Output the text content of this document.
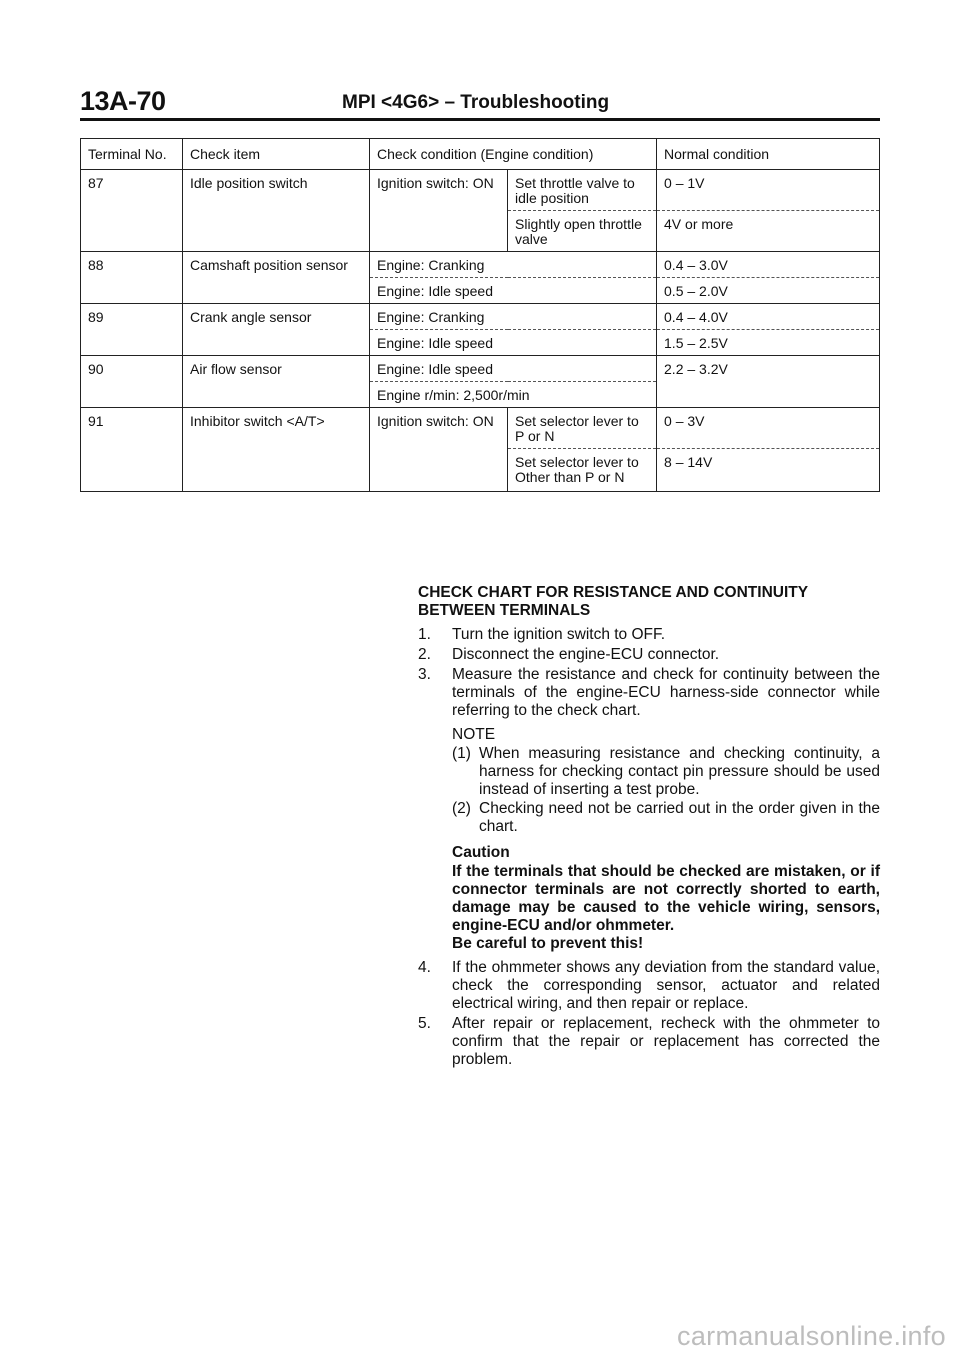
13A-70	MPI <4G6> – Troubleshooting
Terminal No.	Check item	Check condition (Engine condition)		Normal condition
87	Idle position switch	Ignition switch: ON	Set throttle valve to idle position	0 – 1V
			Slightly open throttle valve	4V or more
88	Camshaft position sensor	Engine: Cranking		0.4 – 3.0V
		Engine: Idle speed		0.5 – 2.0V
89	Crank angle sensor	Engine: Cranking		0.4 – 4.0V
		Engine: Idle speed		1.5 – 2.5V
90	Air flow sensor	Engine: Idle speed		2.2 – 3.2V
		Engine r/min: 2,500r/min		
91	Inhibitor switch <A/T>	Ignition switch: ON	Set selector lever to P or N	0 – 3V
			Set selector lever to Other than P or N	8 – 14V
CHECK CHART FOR RESISTANCE AND CONTINUITY
BETWEEN TERMINALS
1. Turn the ignition switch to OFF.
2. Disconnect the engine-ECU connector.
3. Measure the resistance and check for continuity between the terminals of the engine-ECU harness-side connector while referring to the check chart.
NOTE
(1) When measuring resistance and checking continuity, a harness for checking contact pin pressure should be used instead of inserting a test probe.
(2) Checking need not be carried out in the order given in the chart.
Caution
If the terminals that should be checked are mistaken, or if connector terminals are not correctly shorted to earth, damage may be caused to the vehicle wiring, sensors, engine-ECU and/or ohmmeter.
Be careful to prevent this!
4. If the ohmmeter shows any deviation from the standard value, check the corresponding sensor, actuator and related electrical wiring, and then repair or replace.
5. After repair or replacement, recheck with the ohmmeter to confirm that the repair or replacement has corrected the problem.
carmanualsonline.info
